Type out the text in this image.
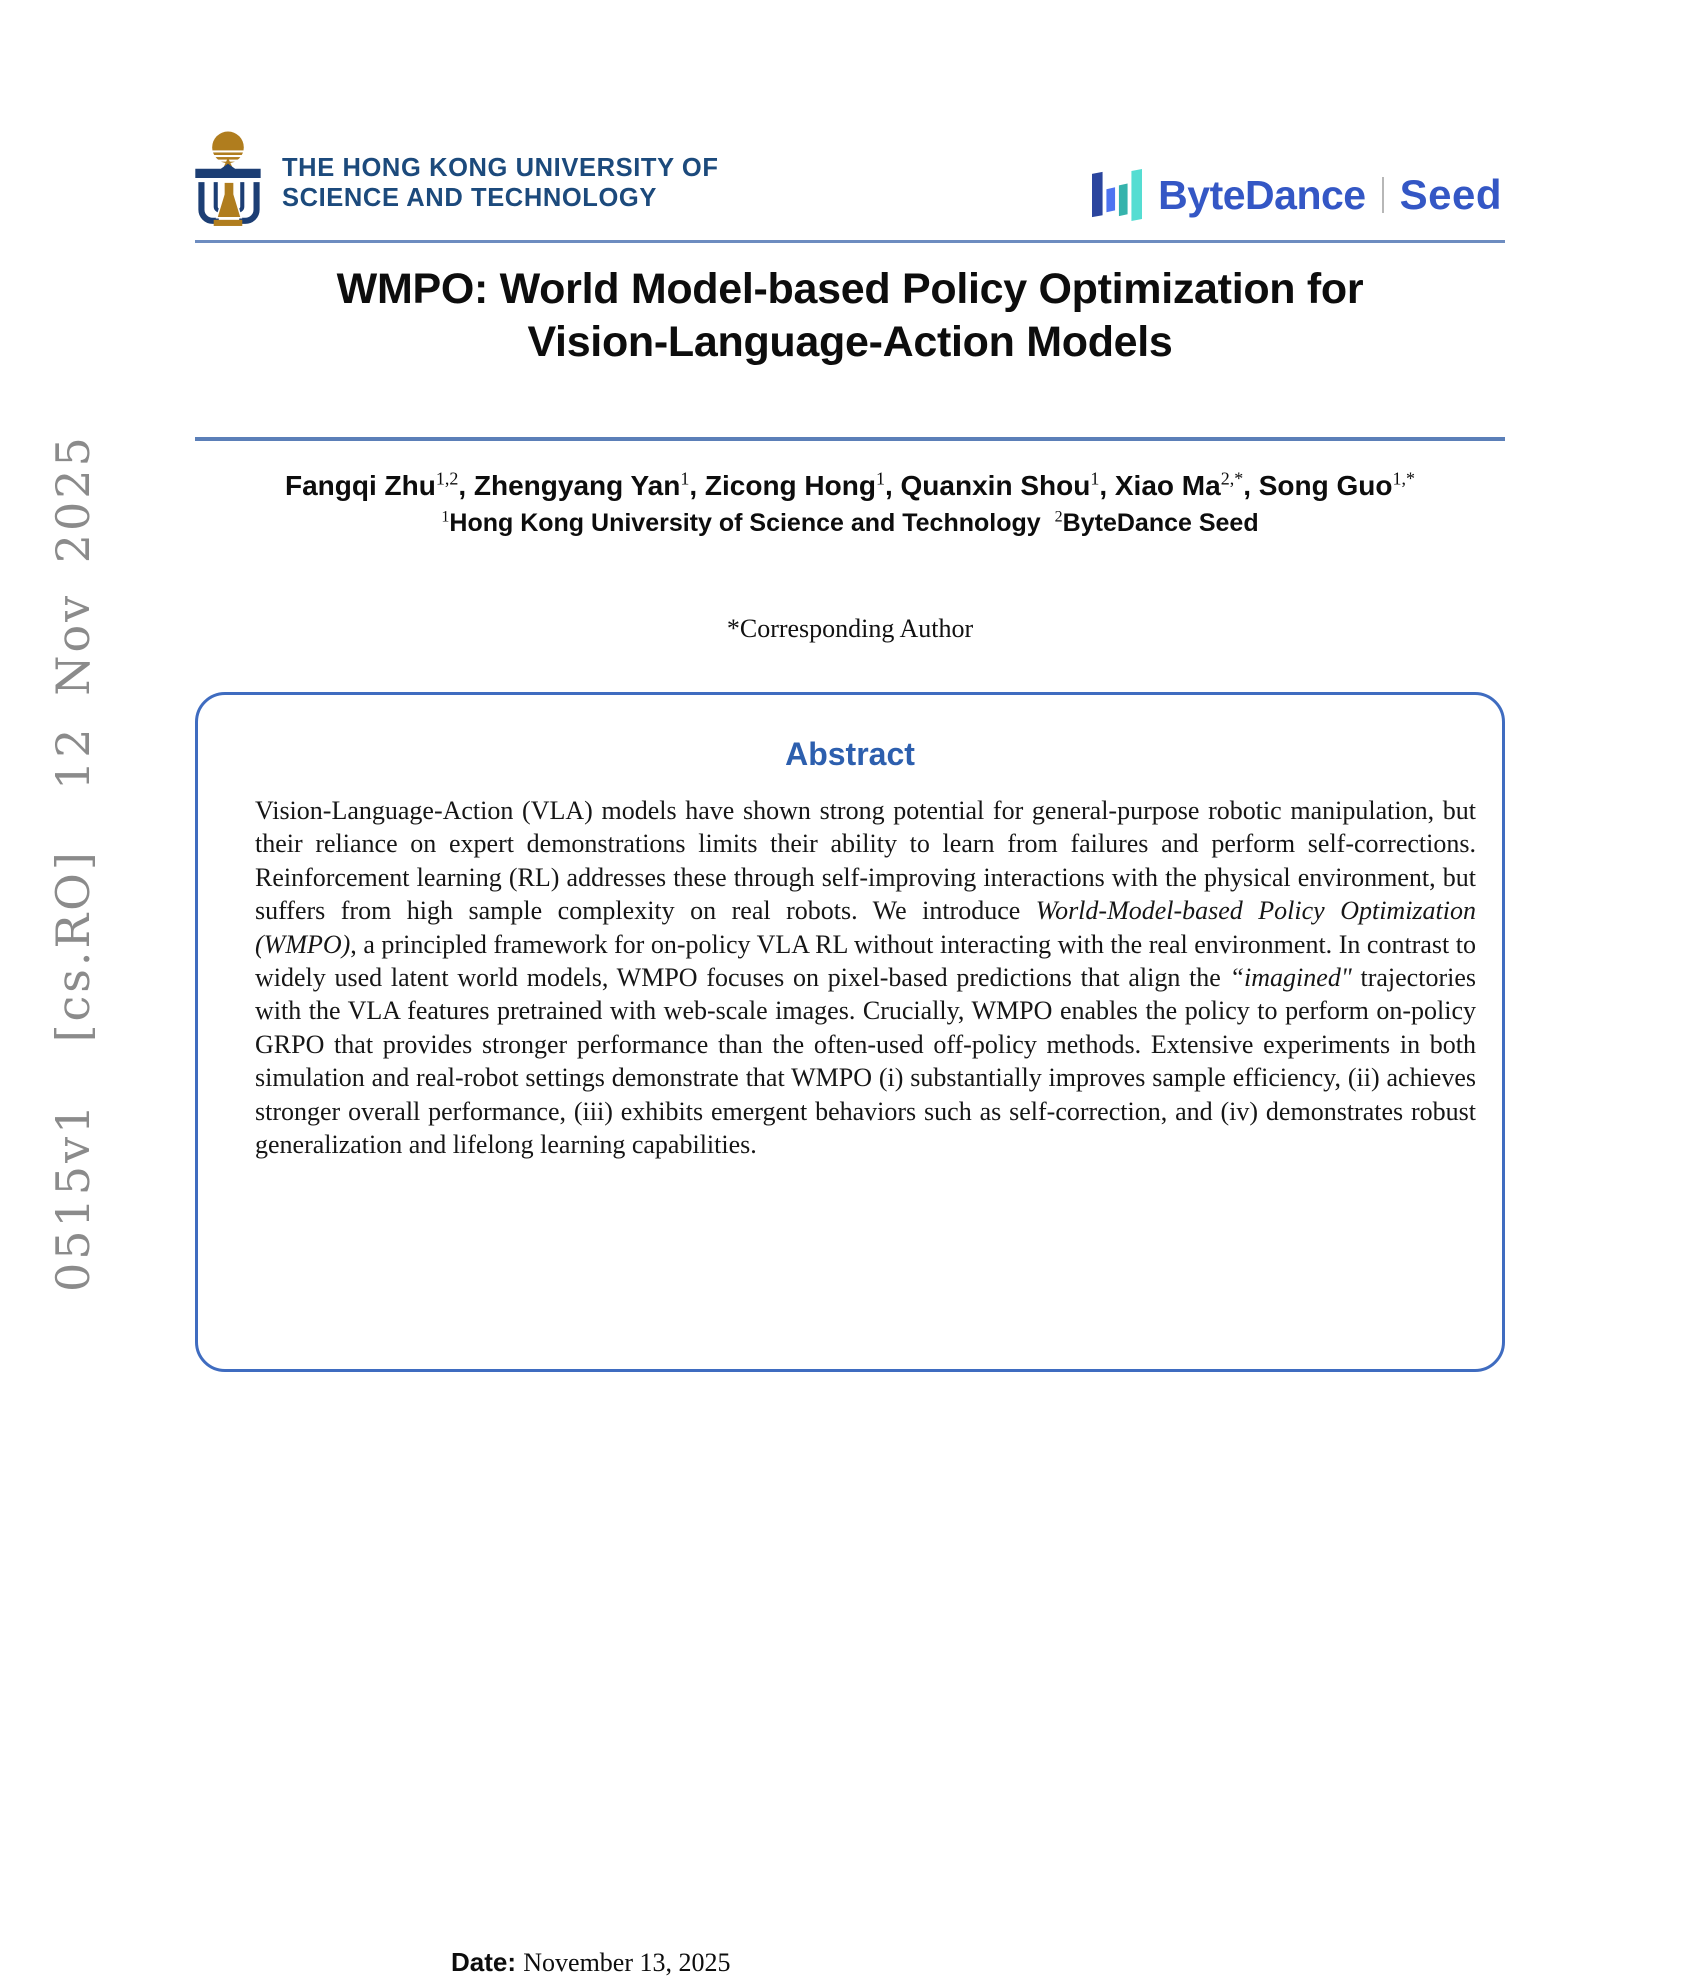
0515v1  [cs.RO]  12 Nov 2025
THE HONG KONG UNIVERSITY OF
SCIENCE AND TECHNOLOGY	ByteDance Seed
WMPO: World Model-based Policy Optimization for
Vision-Language-Action Models
Fangqi Zhu$^{1,2}$, Zhengyang Yan$^1$, Zicong Hong$^1$, Quanxin Shou$^1$, Xiao $Ma^{2,*}$, Song Guo$^{1,*}$
$^1$Hong Kong University of Science and Technology $^2$ByteDance Seed
*Corresponding Author
Abstract

Vision-Language-Action (VLA) models have shown strong potential for general-purpose robotic manipulation, but their reliance on expert demonstrations limits their ability to learn from failures and perform self-corrections. Reinforcement learning (RL) addresses these through self-improving interactions with the physical environment, but suffers from high sample complexity on real robots. We introduce World-Model-based Policy Optimization (WMPO), a principled framework for on-policy VLA RL without interacting with the real environment. In contrast to widely used latent world models, WMPO focuses on pixel-based predictions that align the “imagined" trajectories with the VLA features pretrained with web-scale images. Crucially, WMPO enables the policy to perform on-policy GRPO that provides stronger performance than the often-used off-policy methods. Extensive experiments in both simulation and real-robot settings demonstrate that WMPO (i) substantially improves sample efficiency, (ii) achieves stronger overall performance, (iii) exhibits emergent behaviors such as self-correction, and (iv) demonstrates robust generalization and lifelong learning capabilities.

Date: November 13, 2025
